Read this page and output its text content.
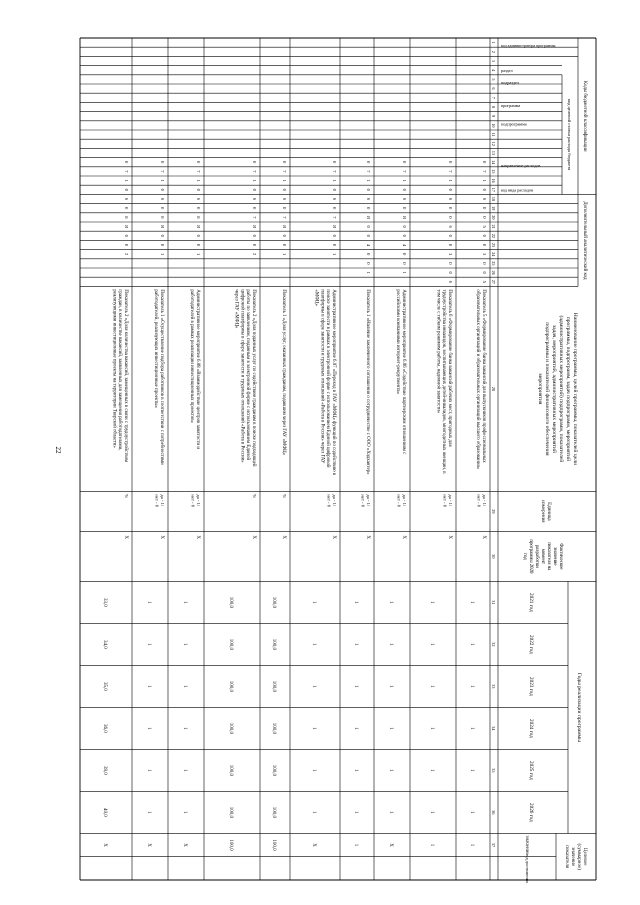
22
Коды бюджетной классификации
Дополнительный аналитический код
код целевой статьи расхода бюджета
код администратора программы
раздел
подраздел
программа
подпрограмма
направление расходов
код вида расходов
Наименование программы, целей программы, показателей целипрограммы, подпрограмм, задач подпрограмм, мероприятий(административных мероприятий) подпрограмм, показателейзадач, мероприятий, административных мероприятийподпрограммы и показателей финансового обеспечениямероприятия
Единицаизмерения
Фактическоезначениепоказателя намоментразработкипрограммы 2020год
Годы реализации программы
2021 год
2022 год
2023 год
2024 год
2025 год
2026 год
Целевое(суммарное)значениепоказателя
значение
год достижения
1
2
3
4
5
6
7
8
9
10
11
12
13
14
15
16
17
18
19
20
21
22
23
24
25
26
27
28
29
30
31
32
33
34
35
36
37
0
7
1
0
6
0
0
5
0
0
3
0
0
5
Показатель 5 «Формирование банка вакансий для выпускников профессиональныхобразовательных организаций и образовательных организаций высшего образования»
да - 1/нет - 0
X
1
1
1
1
1
1
1
0
7
1
0
6
0
0
6
0
0
3
0
0
6
Показатель 6 «Формирование банка вакансий рабочих мест, пригодных длятрудоустройства инвалидов, воспитывающих детей-инвалидов, многодетных женщин, втом числе с гибким режимом работы, надомной занятости»
да - 1/нет - 0
X
1
1
1
1
1
1
1
0
7
1
0
6
0
Я
0
0
4
0
0
1
Административное мероприятие 6.06 «Содействие партнерским отношениям сроссийскими компаниями интернет-рекрутмента»
да - 1/нет - 0
X
1
1
1
1
1
1
X
0
7
1
0
6
0
Я
0
0
4
0
0
1
Показатель 1 «Наличие заключенного соглашения о сотрудничестве с ООО «Хэдхантер»
да - 1/нет - 0
X
1
1
1
1
1
1
1
0
7
1
0
6
0
7
Я
0
0
1
Административное мероприятие 6.07 «Переход в ГАУ «МФЦ» функций по содействию впоиске занятости в рамках в электронной форме с использованием Единой цифровойплатформы в сфере занятости и трудовых отношений «Работа в России» через ГАУ«МФЦ»
да - 1/нет - 0
X
1
1
1
1
1
1
X
0
7
1
0
6
0
7
Я
0
0
1
Показатель 1 «Доля услуг, оказанных гражданам, подавшим через ГАУ «МФЦ»
%
X
100,0
100,0
100,0
100,0
100,0
100,0
100,0
0
7
1
0
6
0
7
Я
0
0
2
Показатель 2 «Доля поданных услуг по содействию гражданам в поиске подходящейработы по заявлениям, поданным в электронной форме с использованием Единойцифровой платформы в сфере занятости и трудовых отношений «Работа в России»через ГАУ «МФЦ»
%
X
100,0
100,0
100,0
100,0
100,0
100,0
100,0
0
7
1
0
6
0
8
Я
0
0
1
Административное мероприятие 6.08 «Взаимодействие центров занятости иработодателей в рамках реализации инвестиционных проектов»
да - 1/нет - 0
X
1
1
1
1
1
1
X
0
7
1
0
6
0
8
Я
0
0
1
Показатель 1 «Осуществление подбора работников в соответствии с потребностямиработодателей, реализующих инвестиционные проекты»
да - 1/нет - 0
X
1
1
1
1
1
1
X
0
7
1
0
6
0
8
Я
0
0
2
Показатель 2 «Доля количества вакансий, замещенных в связи с трудоустройствомграждан, в количестве вакансий, заявленных для замещения работодателями,реализующими инвестиционные проекты на территории Тверской области»
%
X
33,0
34,0
35,0
36,0
39,0
40,0
X
